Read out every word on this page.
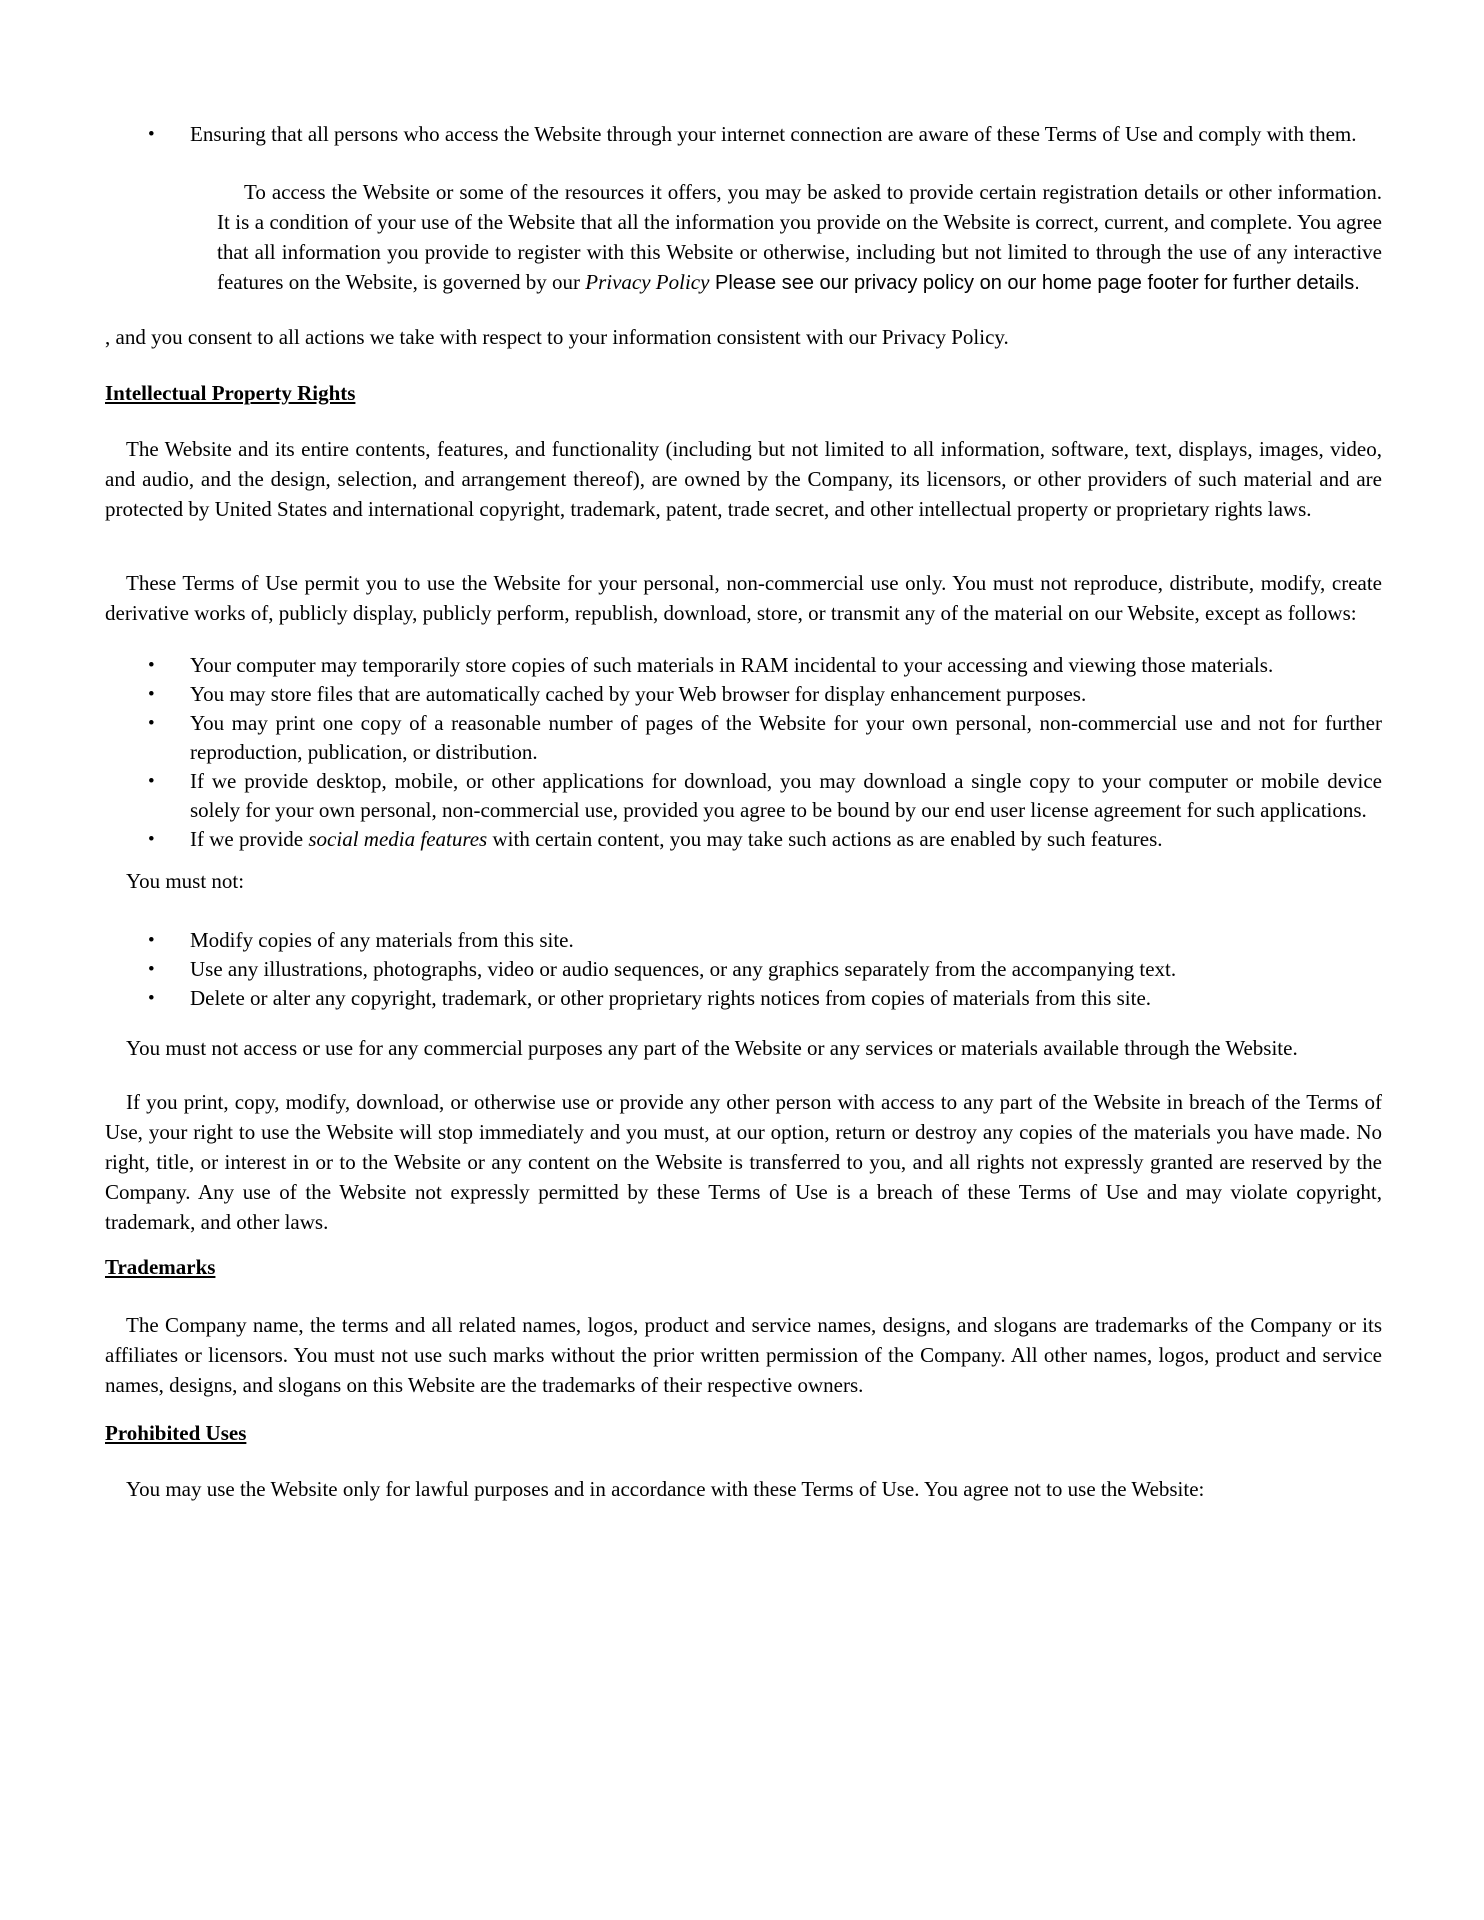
• Ensuring that all persons who access the Website through your internet connection are aware of these Terms of Use and comply with them.
To access the Website or some of the resources it offers, you may be asked to provide certain registration details or other information. It is a condition of your use of the Website that all the information you provide on the Website is correct, current, and complete. You agree that all information you provide to register with this Website or otherwise, including but not limited to through the use of any interactive features on the Website, is governed by our Privacy Policy Please see our privacy policy on our home page footer for further details.

, and you consent to all actions we take with respect to your information consistent with our Privacy Policy.

Intellectual Property Rights

The Website and its entire contents, features, and functionality (including but not limited to all information, software, text, displays, images, video, and audio, and the design, selection, and arrangement thereof), are owned by the Company, its licensors, or other providers of such material and are protected by United States and international copyright, trademark, patent, trade secret, and other intellectual property or proprietary rights laws.

These Terms of Use permit you to use the Website for your personal, non-commercial use only. You must not reproduce, distribute, modify, create derivative works of, publicly display, publicly perform, republish, download, store, or transmit any of the material on our Website, except as follows:

• Your computer may temporarily store copies of such materials in RAM incidental to your accessing and viewing those materials.
• You may store files that are automatically cached by your Web browser for display enhancement purposes.
• You may print one copy of a reasonable number of pages of the Website for your own personal, non-commercial use and not for further reproduction, publication, or distribution.
• If we provide desktop, mobile, or other applications for download, you may download a single copy to your computer or mobile device solely for your own personal, non-commercial use, provided you agree to be bound by our end user license agreement for such applications.
• If we provide social media features with certain content, you may take such actions as are enabled by such features.

You must not:

• Modify copies of any materials from this site.
• Use any illustrations, photographs, video or audio sequences, or any graphics separately from the accompanying text.
• Delete or alter any copyright, trademark, or other proprietary rights notices from copies of materials from this site.

You must not access or use for any commercial purposes any part of the Website or any services or materials available through the Website.

If you print, copy, modify, download, or otherwise use or provide any other person with access to any part of the Website in breach of the Terms of Use, your right to use the Website will stop immediately and you must, at our option, return or destroy any copies of the materials you have made. No right, title, or interest in or to the Website or any content on the Website is transferred to you, and all rights not expressly granted are reserved by the Company. Any use of the Website not expressly permitted by these Terms of Use is a breach of these Terms of Use and may violate copyright, trademark, and other laws.

Trademarks

The Company name, the terms and all related names, logos, product and service names, designs, and slogans are trademarks of the Company or its affiliates or licensors. You must not use such marks without the prior written permission of the Company. All other names, logos, product and service names, designs, and slogans on this Website are the trademarks of their respective owners.

Prohibited Uses

You may use the Website only for lawful purposes and in accordance with these Terms of Use. You agree not to use the Website:
